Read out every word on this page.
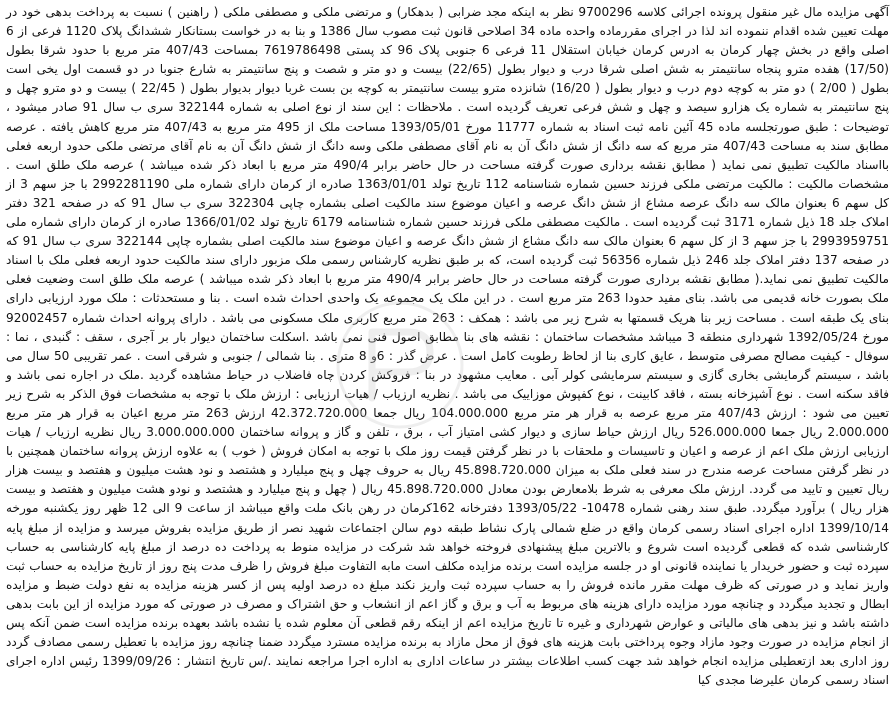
آگهی مزایده مال غیر منقول پرونده اجرائی کلاسه 9700296 نظر به اینکه مجد ضرابی ( بدهکار) و مرتضی ملکی و مصطفی ملکی ( راهنین ) نسبت به پرداخت بدهی خود در مهلت تعیین شده اقدام ننموده اند لذا در اجرای مقررماده واحده ماده 34 اصلاحی قانون ثبت مصوب سال 1386 و بنا به در خواست بستانکار ششدانگ پلاک 1120 فرعی از 6 اصلی واقع در بخش چهار کرمان به ادرس کرمان خیابان استقلال 11 فرعی 6 جنوبی پلاک 96 کد پستی 7619786498 بمساحت 407/43 متر مربع با حدود شرقا بطول (17/50) هفده مترو پنجاه سانتیمتر به شش اصلی شرقا درب و دیوار بطول (22/65) بیست و دو متر و شصت و پنج سانتیمتر به شارع جنوبا در دو قسمت اول یخی است بطول ( 2/00 ) دو متر به کوچه دوم درب و دیوار بطول ( 16/20) شانزده مترو بیست سانتیمتر به کوچه بن بست غربا دیوار بدیوار بطول ( 22/45 ) بیست و دو مترو چهل و پنج سانتیمتر به شماره یک هزارو سیصد و چهل و شش فرعی تعریف گردیده است . ملاحظات : این سند از نوع اصلی به شماره 322144 سری ب سال 91 صادر میشود ، توضیحات : طبق صورتجلسه ماده 45 آئین نامه ثبت اسناد به شماره 11777 مورخ 1393/05/01 مساحت ملک از 495 متر مربع به 407/43 متر مربع کاهش یافته . عرصه مطابق سند به مساحت 407/43 متر مربع که سه دانگ از شش دانگ آن به نام آقای مصطفی ملکی وسه دانگ از شش دانگ آن به نام آقای مرتضی ملکی حدود اربعه فعلی بااسناد مالکیت تطبیق نمی نماید ( مطابق نقشه برداری صورت گرفته مساحت در حال حاضر برابر 490/4 متر مربع با ابعاد ذکر شده میباشد ) عرصه ملک طلق است . مشخصات مالکیت : مالکیت مرتضی ملکی فرزند حسین شماره شناسنامه 112 تاریخ تولد 1363/01/01 صادره از کرمان دارای شماره ملی 2992281190 با جز سهم 3 از کل سهم 6 بعنوان مالک سه دانگ عرصه مشاع از شش دانگ عرصه و اعیان موضوع سند مالکیت اصلی بشماره چاپی 322304 سری ب سال 91 که در صفحه 321 دفتر املاک جلد 18 ذیل شماره 3171 ثبت گردیده است . مالکیت مصطفی ملکی فرزند حسین شماره شناسنامه 6179 تاریخ تولد 1366/01/02 صادره از کرمان دارای شماره ملی 2993959751 با جز سهم 3 از کل سهم 6 بعنوان مالک سه دانگ مشاع از شش دانگ عرصه و اعیان موضوع سند مالکیت اصلی بشماره چاپی 322144 سری ب سال 91 که در صفحه 137 دفتر املاک جلد 246 ذیل شماره 56356 ثبت گردیده است، که بر طبق نظریه کارشناس رسمی ملک مزبور دارای سند مالکیت حدود اربعه فعلی ملک با اسناد مالکیت تطبیق نمی نماید.( مطابق نقشه برداری صورت گرفته مساحت در حال حاضر برابر 490/4 متر مربع با ابعاد ذکر شده میباشد ) عرصه ملک طلق است وضعیت فعلی ملک بصورت خانه قدیمی می باشد. بنای مفید حدودا 263 متر مربع است . در این ملک یک مجموعه یک واحدی احداث شده است . بنا و مستحدثات : ملک مورد ارزیابی دارای بنای یک طبقه است . مساحت زیر بنا هریک قسمتها به شرح زیر می باشد : همکف : 263 متر مربع کاربری ملک مسکونی می باشد . دارای پروانه احداث شماره 92002457 مورخ 1392/05/24 شهرداری منطقه 3 میباشد مشخصات ساختمان : نقشه های بنا مطابق اصول فنی نمی باشد .اسکلت ساختمان دیوار بار بر آجری ، سقف : گنبدی ، نما : سوفال - کیفیت مصالح مصرفی متوسط ، عایق کاری بنا از لحاظ رطوبت کامل است . عرض گذر : 6و 8 متری . بنا شمالی / جنوبی و شرقی است . عمر تقریبی 50 سال می باشد ، سیستم گرمایشی بخاری گازی و سیستم سرمایشی کولر آبی . معایب مشهود در بنا : فروکش کردن چاه فاضلاب در حیاط مشاهده گردید .ملک در اجاره نمی باشد و فاقد سکنه است . نوع آشپزخانه بسته ، فاقد کابینت ، نوع کفپوش موزاییک می باشد . نظریه ارزیاب / هیات ارزیابی : ارزش ملک با توجه به مشخصات فوق الذکر به شرح زیر تعیین می شود : ارزش 407/43 متر مربع عرصه به قرار هر متر مربع 104.000.000 ریال جمعا 42.372.720.000 ارزش 263 متر مربع اعیان به قرار هر متر مربع 2.000.000 ریال جمعا 526.000.000 ریال ارزش حیاط سازی و دیوار کشی امتیاز آب ، برق ، تلفن و گاز و پروانه ساختمان 3.000.000.000 ریال نظریه ارزیاب / هیات ارزیابی ارزش ملک اعم از عرصه و اعیان و تاسیسات و ملحقات با در نظر گرفتن قیمت روز ملک با توجه به امکان فروش ( خوب ) به علاوه ارزش پروانه ساختمان همچنین با در نظر گرفتن مساحت عرصه مندرج در سند فعلی ملک به میزان 45.898.720.000 ریال به حروف چهل و پنج میلیارد و هشتصد و نود هشت میلیون و هفتصد و بیست هزار ریال تعیین و تایید می گردد. ارزش ملک معرفی به شرط بلامعارض بودن معادل 45.898.720.000 ریال ( چهل و پنج میلیارد و هشتصد و نودو هشت میلیون و هفتصد و بیست هزار ریال ) برآورد میگردد. طبق سند رهنی شماره 10478- 1393/05/22 دفترخانه 162کرمان در رهن بانک ملت واقع میباشد از ساعت 9 الی 12 ظهر روز یکشنبه مورخه 1399/10/14 اداره اجرای اسناد رسمی کرمان واقع در ضلع شمالی پارک نشاط طبقه دوم سالن اجتماعات شهید نصر از طریق مزایده بفروش میرسد و مزایده از مبلغ پایه کارشناسی شده که قطعی گردیده است شروع و بالاترین مبلغ پیشنهادی فروخته خواهد شد شرکت در مزایده منوط به پرداخت ده درصد از مبلغ پایه کارشناسی به حساب سپرده ثبت و حضور خریدار یا نماینده قانونی او در جلسه مزایده است برنده مزایده مکلف است مابه التفاوت مبلغ فروش را ظرف مدت پنج روز از تاریخ مزایده به حساب ثبت واریز نماید و در صورتی که ظرف مهلت مقرر مانده فروش را به حساب سپرده ثبت واریز نکند مبلغ ده درصد اولیه پس از کسر هزینه مزایده به نفع دولت ضبط و مزایده ابطال و تجدید میگردد و چنانچه مورد مزایده دارای هزینه های مربوط به آب و برق و گاز اعم از انشعاب و حق اشتراک و مصرف در صورتی که مورد مزایده از این بابت بدهی داشته باشد و نیز بدهی های مالیاتی و عوارض شهرداری و غیره تا تاریخ مزایده اعم از اینکه رقم قطعی آن معلوم شده یا نشده باشد بعهده برنده مزایده است ضمن آنکه پس از انجام مزایده در صورت وجود مازاد وجوه پرداختی بابت هزینه های فوق از محل مازاد به برنده مزایده مسترد میگردد ضمنا چنانچه روز مزایده با تعطیل رسمی مصادف گردد روز اداری بعد ازتعطیلی مزایده انجام خواهد شد جهت کسب اطلاعات بیشتر در ساعات اداری به اداره اجرا مراجعه نمایند ./س تاریخ انتشار : 1399/09/26 رئیس اداره اجرای اسناد رسمی کرمان علیرضا مجدی کیا
